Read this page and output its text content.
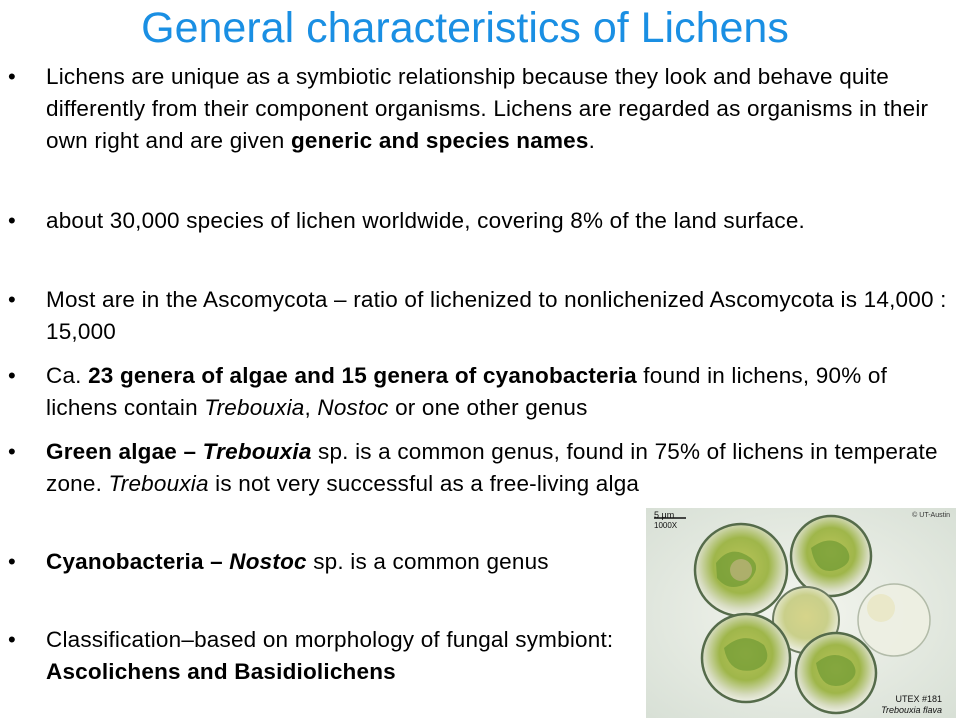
General characteristics of Lichens
• Lichens are unique as a symbiotic relationship because they look and behave quite differently from their component organisms. Lichens are regarded as organisms in their own right and are given generic and species names.
• about 30,000 species of lichen worldwide, covering 8% of the land surface.
• Most are in the Ascomycota – ratio of lichenized to nonlichenized Ascomycota is 14,000 : 15,000
• Ca. 23 genera of algae and 15 genera of cyanobacteria found in lichens, 90% of lichens contain Trebouxia, Nostoc or one other genus
• Green algae – Trebouxia sp. is a common genus, found in 75% of lichens in temperate zone. Trebouxia is not very successful as a free-living alga
• Cyanobacteria – Nostoc sp. is a common genus
• Classification–based on morphology of fungal symbiont: Ascolichens and Basidiolichens
5 μm
1000X
© UT-Austin
UTEX #181
Trebouxia flava
